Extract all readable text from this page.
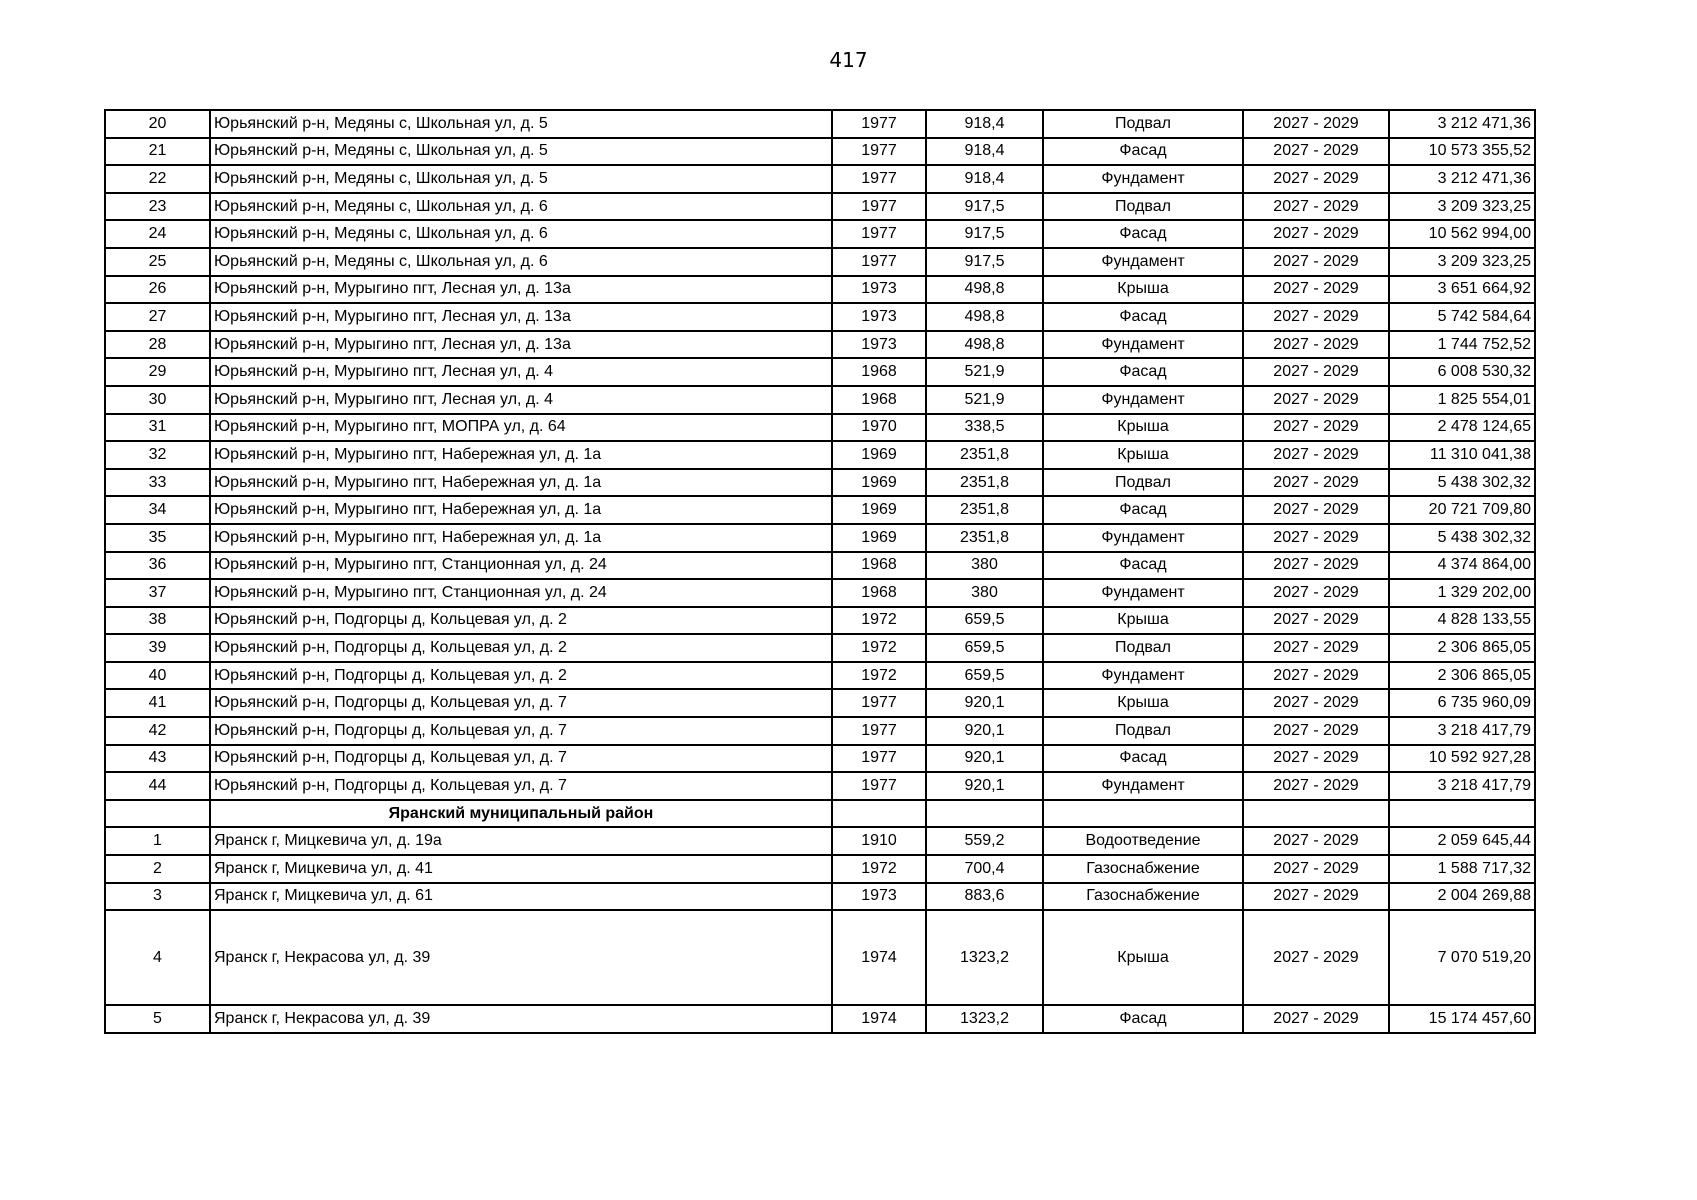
417
20	Юрьянский р-н, Медяны с, Школьная ул, д. 5	1977	918,4	Подвал	2027 - 2029	3 212 471,36
21	Юрьянский р-н, Медяны с, Школьная ул, д. 5	1977	918,4	Фасад	2027 - 2029	10 573 355,52
22	Юрьянский р-н, Медяны с, Школьная ул, д. 5	1977	918,4	Фундамент	2027 - 2029	3 212 471,36
23	Юрьянский р-н, Медяны с, Школьная ул, д. 6	1977	917,5	Подвал	2027 - 2029	3 209 323,25
24	Юрьянский р-н, Медяны с, Школьная ул, д. 6	1977	917,5	Фасад	2027 - 2029	10 562 994,00
25	Юрьянский р-н, Медяны с, Школьная ул, д. 6	1977	917,5	Фундамент	2027 - 2029	3 209 323,25
26	Юрьянский р-н, Мурыгино пгт, Лесная ул, д. 13а	1973	498,8	Крыша	2027 - 2029	3 651 664,92
27	Юрьянский р-н, Мурыгино пгт, Лесная ул, д. 13а	1973	498,8	Фасад	2027 - 2029	5 742 584,64
28	Юрьянский р-н, Мурыгино пгт, Лесная ул, д. 13а	1973	498,8	Фундамент	2027 - 2029	1 744 752,52
29	Юрьянский р-н, Мурыгино пгт, Лесная ул, д. 4	1968	521,9	Фасад	2027 - 2029	6 008 530,32
30	Юрьянский р-н, Мурыгино пгт, Лесная ул, д. 4	1968	521,9	Фундамент	2027 - 2029	1 825 554,01
31	Юрьянский р-н, Мурыгино пгт, МОПРА ул, д. 64	1970	338,5	Крыша	2027 - 2029	2 478 124,65
32	Юрьянский р-н, Мурыгино пгт, Набережная ул, д. 1а	1969	2351,8	Крыша	2027 - 2029	11 310 041,38
33	Юрьянский р-н, Мурыгино пгт, Набережная ул, д. 1а	1969	2351,8	Подвал	2027 - 2029	5 438 302,32
34	Юрьянский р-н, Мурыгино пгт, Набережная ул, д. 1а	1969	2351,8	Фасад	2027 - 2029	20 721 709,80
35	Юрьянский р-н, Мурыгино пгт, Набережная ул, д. 1а	1969	2351,8	Фундамент	2027 - 2029	5 438 302,32
36	Юрьянский р-н, Мурыгино пгт, Станционная ул, д. 24	1968	380	Фасад	2027 - 2029	4 374 864,00
37	Юрьянский р-н, Мурыгино пгт, Станционная ул, д. 24	1968	380	Фундамент	2027 - 2029	1 329 202,00
38	Юрьянский р-н, Подгорцы д, Кольцевая ул, д. 2	1972	659,5	Крыша	2027 - 2029	4 828 133,55
39	Юрьянский р-н, Подгорцы д, Кольцевая ул, д. 2	1972	659,5	Подвал	2027 - 2029	2 306 865,05
40	Юрьянский р-н, Подгорцы д, Кольцевая ул, д. 2	1972	659,5	Фундамент	2027 - 2029	2 306 865,05
41	Юрьянский р-н, Подгорцы д, Кольцевая ул, д. 7	1977	920,1	Крыша	2027 - 2029	6 735 960,09
42	Юрьянский р-н, Подгорцы д, Кольцевая ул, д. 7	1977	920,1	Подвал	2027 - 2029	3 218 417,79
43	Юрьянский р-н, Подгорцы д, Кольцевая ул, д. 7	1977	920,1	Фасад	2027 - 2029	10 592 927,28
44	Юрьянский р-н, Подгорцы д, Кольцевая ул, д. 7	1977	920,1	Фундамент	2027 - 2029	3 218 417,79
	Яранский муниципальный район					
1	Яранск г, Мицкевича ул, д. 19а	1910	559,2	Водоотведение	2027 - 2029	2 059 645,44
2	Яранск г, Мицкевича ул, д. 41	1972	700,4	Газоснабжение	2027 - 2029	1 588 717,32
3	Яранск г, Мицкевича ул, д. 61	1973	883,6	Газоснабжение	2027 - 2029	2 004 269,88
4	Яранск г, Некрасова ул, д. 39	1974	1323,2	Крыша	2027 - 2029	7 070 519,20
5	Яранск г, Некрасова ул, д. 39	1974	1323,2	Фасад	2027 - 2029	15 174 457,60
